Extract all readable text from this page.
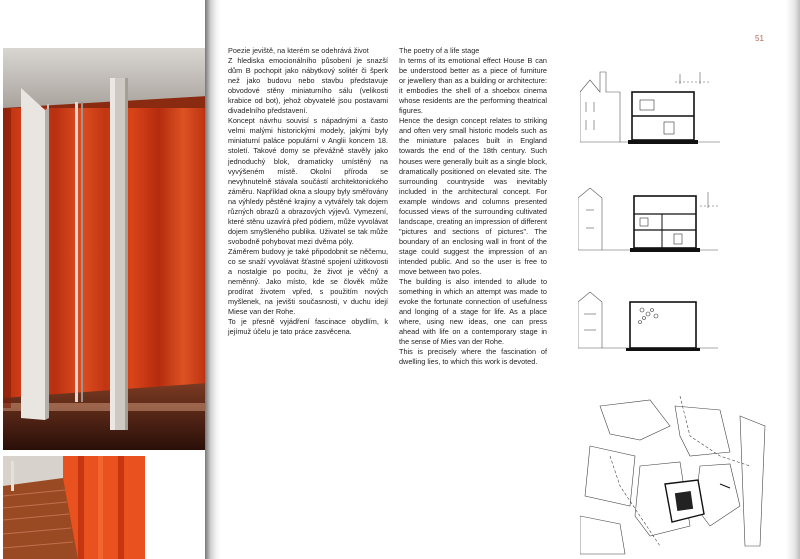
Poezie jeviště, na kterém se odehrává život

Z hlediska emocionálního působení je snazší dům B pochopit jako nábytkový solitér či šperk než jako budovu nebo stavbu představuje obvodové stěny miniaturního sálu (velikosti krabice od bot), jehož obyvatelé jsou postavami divadelního představení.

Koncept návrhu souvisí s nápadnými a často velmi malými historickými modely, jakými byly miniaturní paláce populární v Anglii koncem 18. století. Takové domy se převážně stavěly jako jednoduchý blok, dramaticky umístěný na vyvýšeném místě. Okolní příroda se nevyhnutelně stávala součástí architektonického záměru. Například okna a sloupy byly směřovány na výhledy pěstěné krajiny a vytvářely tak dojem různých obrazů a obrazových výjevů. Vymezení, které stěnu uzavírá před pódiem, může vyvolávat dojem smyšleného publika. Uživatel se tak může svobodně pohybovat mezi dvěma póly.

Záměrem budovy je také připodobnit se něčemu, co se snaží vyvolávat šťastné spojení užitkovosti a nostalgie po pocitu, že život je věčný a neměnný. Jako místo, kde se člověk může prodírat životem vpřed, s použitím nových myšlenek, na jevišti současnosti, v duchu idejí Miese van der Rohe.

To je přesně vyjádření fascinace obydlím, k jejímuž účelu je tato práce zasvěcena.

The poetry of a life stage

In terms of its emotional effect House B can be understood better as a piece of furniture or jewellery than as a building or architecture: it embodies the shell of a shoebox cinema whose residents are the performing theatrical figures.

Hence the design concept relates to striking and often very small historic models such as the miniature palaces built in England towards the end of the 18th century. Such houses were generally built as a single block, dramatically positioned on elevated site. The surrounding countryside was inevitably included in the architectural concept. For example windows and columns presented focussed views of the surrounding cultivated landscape, creating an impression of different "pictures and sections of pictures". The boundary of an enclosing wall in front of the stage could suggest the impression of an intended public. And so the user is free to move between two poles.

The building is also intended to allude to something in which an attempt was made to evoke the fortunate connection of usefulness and longing of a stage for life. As a place where, using new ideas, one can press ahead with life on a contemporary stage in the sense of Mies van der Rohe.

This is precisely where the fascination of dwelling lies, to which this work is devoted.

51
